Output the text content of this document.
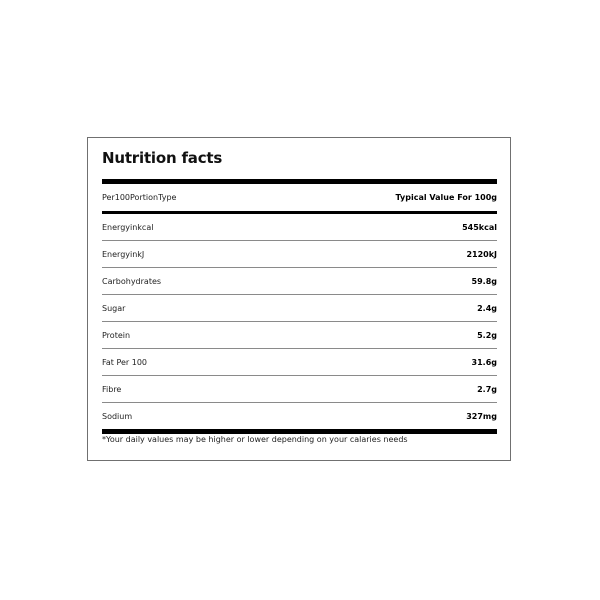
Nutrition facts
Per100PortionType	Typical Value For 100g
Energyinkcal	545kcal
EnergyinkJ	2120kJ
Carbohydrates	59.8g
Sugar	2.4g
Protein	5.2g
Fat Per 100	31.6g
Fibre	2.7g
Sodium	327mg
*Your daily values may be higher or lower depending on your calaries needs
